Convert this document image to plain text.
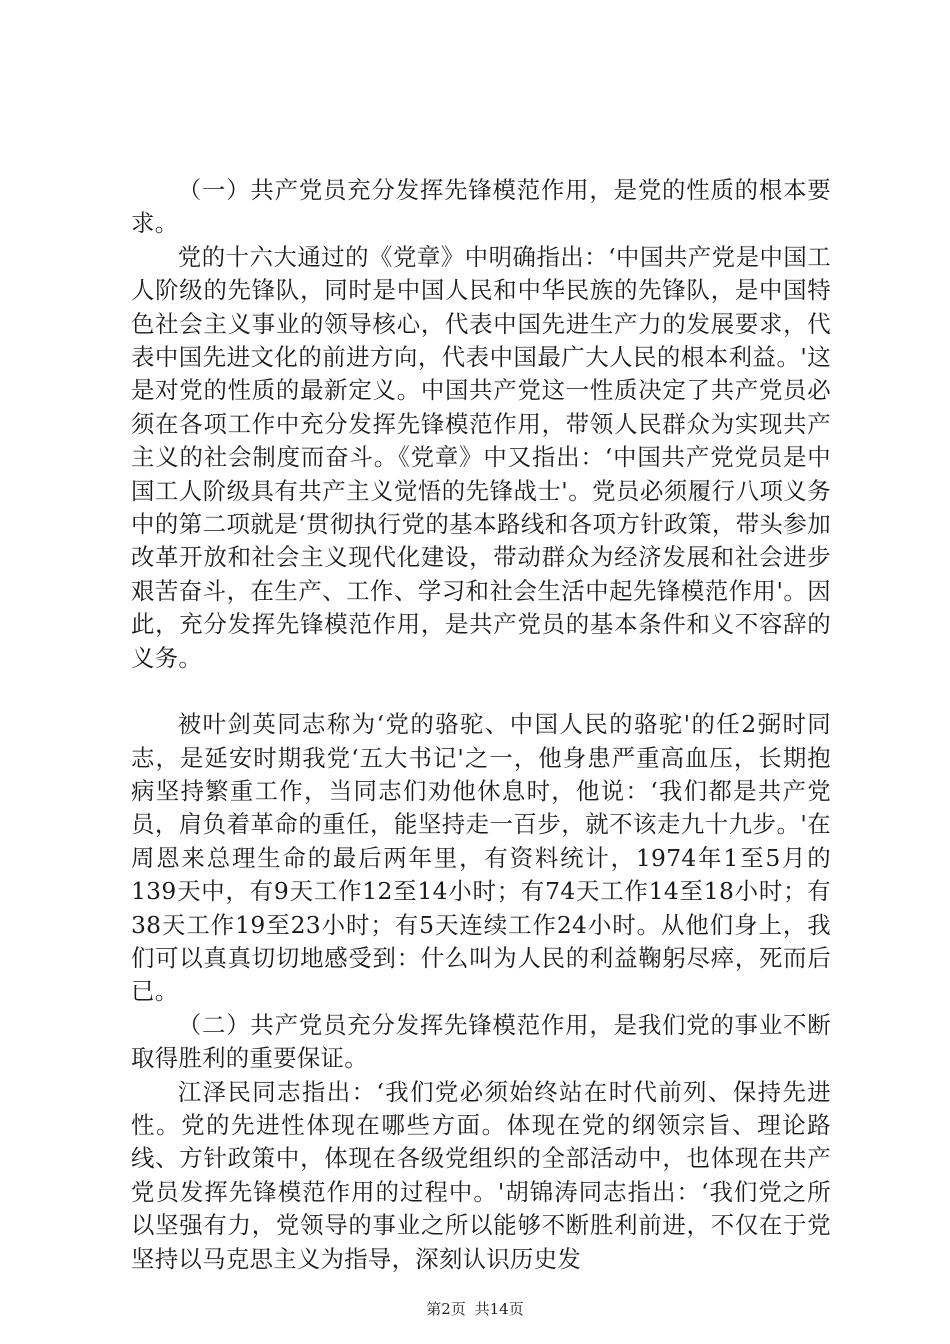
（一）共产党员充分发挥先锋模范作用，是党的性质的根本要求。

党的十六大通过的《党章》中明确指出：‘中国共产党是中国工人阶级的先锋队，同时是中国人民和中华民族的先锋队，是中国特色社会主义事业的领导核心，代表中国先进生产力的发展要求，代表中国先进文化的前进方向，代表中国最广大人民的根本利益。'这是对党的性质的最新定义。中国共产党这一性质决定了共产党员必须在各项工作中充分发挥先锋模范作用，带领人民群众为实现共产主义的社会制度而奋斗。《党章》中又指出：‘中国共产党党员是中国工人阶级具有共产主义觉悟的先锋战士'。党员必须履行八项义务中的第二项就是‘贯彻执行党的基本路线和各项方针政策，带头参加改革开放和社会主义现代化建设，带动群众为经济发展和社会进步艰苦奋斗，在生产、工作、学习和社会生活中起先锋模范作用'。因此，充分发挥先锋模范作用，是共产党员的基本条件和义不容辞的义务。

被叶剑英同志称为‘党的骆驼、中国人民的骆驼'的任2弼时同志，是延安时期我党‘五大书记'之一，他身患严重高血压，长期抱病坚持繁重工作，当同志们劝他休息时，他说：‘我们都是共产党员，肩负着革命的重任，能坚持走一百步，就不该走九十九步。'在周恩来总理生命的最后两年里，有资料统计，1974年1至5月的139天中，有9天工作12至14小时；有74天工作14至18小时；有38天工作19至23小时；有5天连续工作24小时。从他们身上，我们可以真真切切地感受到：什么叫为人民的利益鞠躬尽瘁，死而后已。

（二）共产党员充分发挥先锋模范作用，是我们党的事业不断取得胜利的重要保证。

江泽民同志指出：‘我们党必须始终站在时代前列、保持先进性。党的先进性体现在哪些方面。体现在党的纲领宗旨、理论路线、方针政策中，体现在各级党组织的全部活动中，也体现在共产党员发挥先锋模范作用的过程中。'胡锦涛同志指出：‘我们党之所以坚强有力，党领导的事业之所以能够不断胜利前进，不仅在于党坚持以马克思主义为指导，深刻认识历史发

第2页 共14页
